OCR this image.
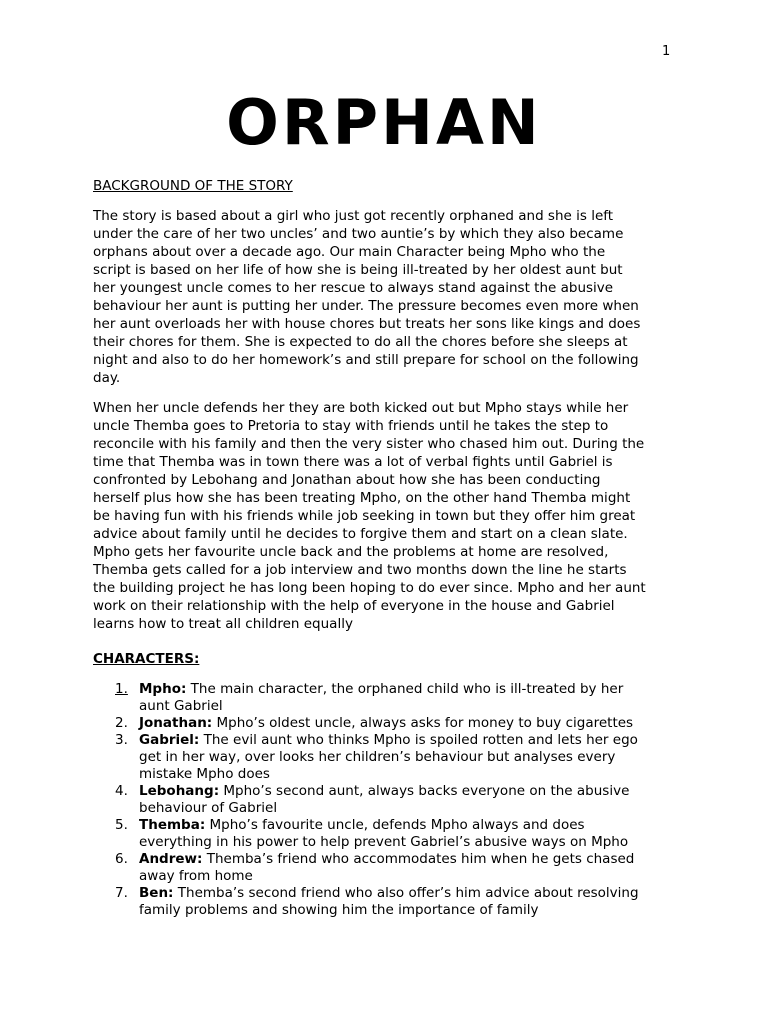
1
ORPHAN
BACKGROUND OF THE STORY

The story is based about a girl who just got recently orphaned and she is left
under the care of her two uncles’ and two auntie’s by which they also became
orphans about over a decade ago. Our main Character being Mpho who the
script is based on her life of how she is being ill-treated by her oldest aunt but
her youngest uncle comes to her rescue to always stand against the abusive
behaviour her aunt is putting her under. The pressure becomes even more when
her aunt overloads her with house chores but treats her sons like kings and does
their chores for them. She is expected to do all the chores before she sleeps at
night and also to do her homework’s and still prepare for school on the following
day.

When her uncle defends her they are both kicked out but Mpho stays while her
uncle Themba goes to Pretoria to stay with friends until he takes the step to
reconcile with his family and then the very sister who chased him out. During the
time that Themba was in town there was a lot of verbal fights until Gabriel is
confronted by Lebohang and Jonathan about how she has been conducting
herself plus how she has been treating Mpho, on the other hand Themba might
be having fun with his friends while job seeking in town but they offer him great
advice about family until he decides to forgive them and start on a clean slate.
Mpho gets her favourite uncle back and the problems at home are resolved,
Themba gets called for a job interview and two months down the line he starts
the building project he has long been hoping to do ever since. Mpho and her aunt
work on their relationship with the help of everyone in the house and Gabriel
learns how to treat all children equally

CHARACTERS:
1. Mpho: The main character, the orphaned child who is ill-treated by her
aunt Gabriel
2. Jonathan: Mpho’s oldest uncle, always asks for money to buy cigarettes
3. Gabriel: The evil aunt who thinks Mpho is spoiled rotten and lets her ego
get in her way, over looks her children’s behaviour but analyses every
mistake Mpho does
4. Lebohang: Mpho’s second aunt, always backs everyone on the abusive
behaviour of Gabriel
5. Themba: Mpho’s favourite uncle, defends Mpho always and does
everything in his power to help prevent Gabriel’s abusive ways on Mpho
6. Andrew: Themba’s friend who accommodates him when he gets chased
away from home
7. Ben: Themba’s second friend who also offer’s him advice about resolving
family problems and showing him the importance of family
